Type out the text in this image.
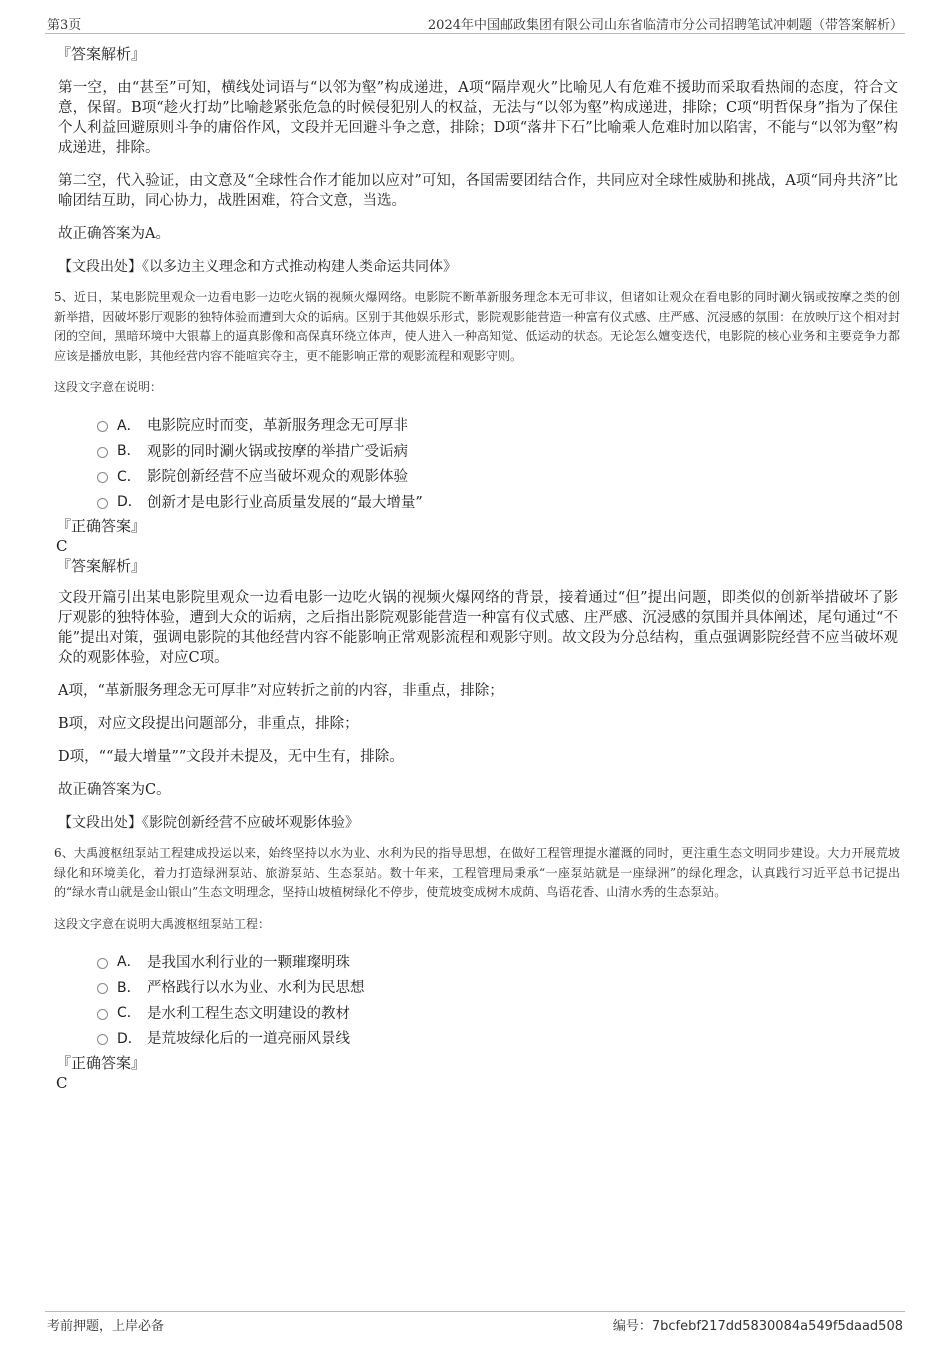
第3页	2024年中国邮政集团有限公司山东省临清市分公司招聘笔试冲刺题（带答案解析）
『答案解析』
第一空，由“甚至”可知，横线处词语与“以邻为壑”构成递进，A项“隔岸观火”比喻见人有危难不援助而采取看热闹的态度，符合文意，保留。B项“趁火打劫”比喻趁紧张危急的时候侵犯别人的权益，无法与“以邻为壑”构成递进，排除；C项“明哲保身”指为了保住个人利益回避原则斗争的庸俗作风，文段并无回避斗争之意，排除；D项“落井下石”比喻乘人危难时加以陷害，不能与“以邻为壑”构成递进，排除。
第二空，代入验证，由文意及“全球性合作才能加以应对”可知，各国需要团结合作，共同应对全球性威胁和挑战，A项“同舟共济”比喻团结互助，同心协力，战胜困难，符合文意，当选。
故正确答案为A。
【文段出处】《以多边主义理念和方式推动构建人类命运共同体》
5、近日，某电影院里观众一边看电影一边吃火锅的视频火爆网络。电影院不断革新服务理念本无可非议，但诸如让观众在看电影的同时涮火锅或按摩之类的创新举措，因破坏影厅观影的独特体验而遭到大众的诟病。区别于其他娱乐形式，影院观影能营造一种富有仪式感、庄严感、沉浸感的氛围：在放映厅这个相对封闭的空间，黑暗环境中大银幕上的逼真影像和高保真环绕立体声，使人进入一种高知觉、低运动的状态。无论怎么嬗变迭代，电影院的核心业务和主要竞争力都应该是播放电影，其他经营内容不能喧宾夺主，更不能影响正常的观影流程和观影守则。
这段文字意在说明：
A． 电影院应时而变，革新服务理念无可厚非
B． 观影的同时涮火锅或按摩的举措广受诟病
C． 影院创新经营不应当破坏观众的观影体验
D． 创新才是电影行业高质量发展的“最大增量”
『正确答案』
C
『答案解析』
文段开篇引出某电影院里观众一边看电影一边吃火锅的视频火爆网络的背景，接着通过“但”提出问题，即类似的创新举措破坏了影厅观影的独特体验，遭到大众的诟病，之后指出影院观影能营造一种富有仪式感、庄严感、沉浸感的氛围并具体阐述，尾句通过“不能”提出对策，强调电影院的其他经营内容不能影响正常观影流程和观影守则。故文段为分总结构，重点强调影院经营不应当破坏观众的观影体验，对应C项。
A项，“革新服务理念无可厚非”对应转折之前的内容，非重点，排除；
B项，对应文段提出问题部分，非重点，排除；
D项，““最大增量””文段并未提及，无中生有，排除。
故正确答案为C。
【文段出处】《影院创新经营不应破坏观影体验》
6、大禹渡枢纽泵站工程建成投运以来，始终坚持以水为业、水利为民的指导思想，在做好工程管理提水灌溉的同时，更注重生态文明同步建设。大力开展荒坡绿化和环境美化，着力打造绿洲泵站、旅游泵站、生态泵站。数十年来，工程管理局秉承“一座泵站就是一座绿洲”的绿化理念，认真践行习近平总书记提出的“绿水青山就是金山银山”生态文明理念，坚持山坡植树绿化不停步，使荒坡变成树木成荫、鸟语花香、山清水秀的生态泵站。
这段文字意在说明大禹渡枢纽泵站工程：
A． 是我国水利行业的一颗璀璨明珠
B． 严格践行以水为业、水利为民思想
C． 是水利工程生态文明建设的教材
D． 是荒坡绿化后的一道亮丽风景线
『正确答案』
C
考前押题，上岸必备	编号：7bcfebf217dd5830084a549f5daad508
